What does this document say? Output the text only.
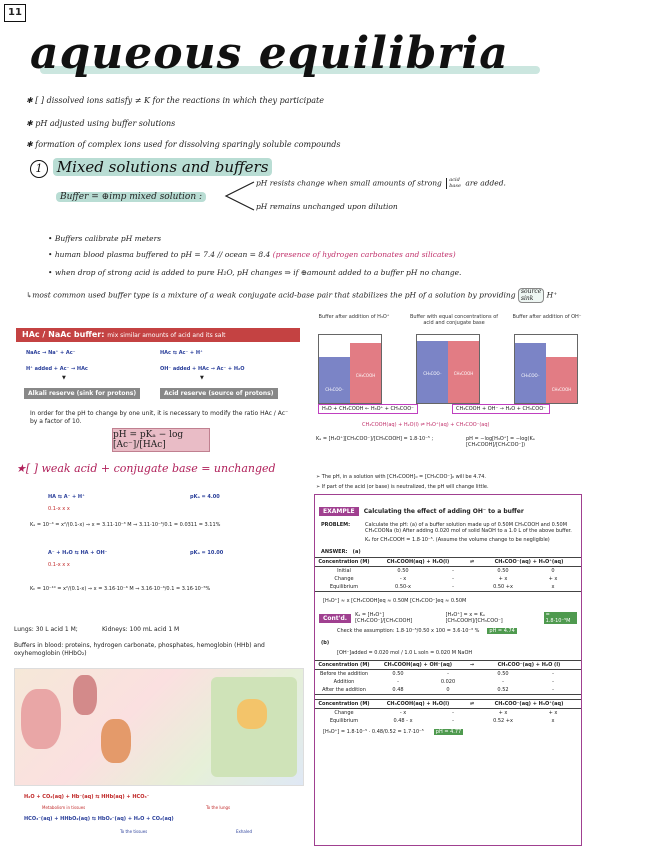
11
aqueous equilibria
✱ [ ] dissolved ions satisfy ≠ K for the reactions in which they participate
✱ pH adjusted using buffer solutions
✱ formation of complex ions used for dissolving sparingly soluble compounds
1 Mixed solutions and buffers
Buffer = ⊕imp mixed solution :
pH resists change when small amounts of strong acid
base are added.
pH remains unchanged upon dilution
• Buffers calibrate pH meters
• human blood plasma buffered to pH = 7.4 // ocean = 8.4 (presence of hydrogen carbonates and silicates)
• when drop of strong acid is added to pure H₂O, pH changes ⇒ if ⊕amount added to a buffer pH no change.
↳most common used buffer type is a mixture of a weak conjugate acid-base pair that stabilizes the pH of a solution by providing source
sink	H⁺
HAc / NaAc buffer: mix similar amounts of acid and its salt
NaAc → Na⁺ + Ac⁻	HAc ⇆ Ac⁻ + H⁺
H⁺ added + Ac⁻ → HAc	OH⁻ added + HAc → Ac⁻ + H₂O
▼	▼
Alkali reserve (sink for protons)	Acid reserve (source of protons)
In order for the pH to change by one unit, it is necessary to modify the ratio HAc / Ac⁻ by a factor of 10.
pH = pKₐ − log [Ac⁻]/[HAc]
★[ ] weak acid + conjugate base = unchanged
HA ⇆ A⁻ + H⁺	pKₐ = 4.00
0.1-x x x
Kₐ = 10⁻⁴ = x²/(0.1-x) ⇒ x = 3.11·10⁻³ M ⇒ 3.11·10⁻³/0.1 = 0.0311 = 3.11%
A⁻ + H₂O ⇆ HA + OH⁻	pKₐ = 10.00
0.1-x x x
Kₕ = 10⁻¹⁰ = x²/(0.1-x) ⇒ x = 3.16·10⁻⁶ M ⇒ 3.16·10⁻⁶/0.1 = 3.16·10⁻⁵%
Lungs: 30 L acid 1 M;	Kidneys: 100 mL acid 1 M
Buffers in blood: proteins, hydrogen carbonate, phosphates, hemoglobin (HHb) and oxyhemoglobin (HHbO₂)
H₂O + CO₂(aq) + Hb⁻(aq) ⇆ HHb(aq) + HCO₃⁻
Metabolism in tissues	To the lungs
HCO₃⁻(aq) + HHbO₂(aq) ⇆ HbO₂⁻(aq) + H₂O + CO₂(aq)
To the tissues	Exhaled
Buffer after addition of H₃O⁺	Buffer with equal concentrations of acid and conjugate base
Buffer after addition of OH⁻
CH₃COO⁻
CH₃COOH	CH₃COO⁻	CH₃COOH	CH₃COO⁻
CH₃COOH
H₃O + CH₃COOH ← H₃O⁺ + CH₃COO⁻	CH₃COOH + OH⁻ → H₂O + CH₃COO⁻
CH₃COOH(aq) + H₂O(l) ⇌ H₃O⁺(aq) + CH₃COO⁻(aq)
Kₐ = [H₃O⁺][CH₃COO⁻]/[CH₃COOH] = 1.8·10⁻⁵ ;	pH = −log[H₃O⁺] = −log(Kₐ [CH₃COOH]/[CH₃COO⁻])
➢ The pH, in a solution with [CH₃COOH]₀ = [CH₃COO⁻]₀ will be 4.74.
➢ If part of the acid (or base) is neutralized, the pH will change little.
EXAMPLE Calculating the effect of adding OH⁻ to a buffer
PROBLEM:	Calculate the pH: (a) of a buffer solution made up of 0.50M CH₃COOH and 0.50M CH₃COONa (b) After adding 0.020 mol of solid NaOH to a 1.0 L of the above buffer.
Kₐ for CH₃COOH = 1.8·10⁻⁵. (Assume the volume change to be negligible)
ANSWER: (a)
Concentration (M)	CH₃COOH(aq) + H₂O(l)	⇌	CH₃COO⁻(aq) + H₃O⁺(aq)
Initial	0.50	-	0.50	0
Change	- x	-	+ x	+ x
Equilibrium	0.50-x	-	0.50 +x	x
[H₃O⁺] ≈ x [CH₃COOH]eq ≈ 0.50M [CH₃COO⁻]eq ≈ 0.50M
Cont'd.	Kₐ = [H₃O⁺][CH₃COO⁻]/[CH₃COOH]
[H₃O⁺] = x = Kₐ [CH₃COOH]/[CH₃COO⁻]
= 1.8·10⁻⁵M
Check the assumption: 1.8·10⁻⁵/0.50 x 100 = 3.6·10⁻³ %	pH = 4.74
(b)
[OH⁻]added = 0.020 mol / 1.0 L soln = 0.020 M NaOH
Concentration (M)	CH₃COOH(aq) + OH⁻(aq)	→	CH₃COO⁻(aq) + H₂O (l)
Before the addition	0.50	-	0.50	-
Addition	-	0.020	-	-
After the addition	0.48	0	0.52	-
Concentration (M)	CH₃COOH(aq) + H₂O(l)	⇌	CH₃COO⁻(aq) + H₃O⁺(aq)
Change	- x	-	+ x	+ x
Equilibrium	0.48 - x	-	0.52 +x	x
[H₃O⁺] = 1.8·10⁻⁵ · 0.48/0.52 = 1.7·10⁻⁵	pH = 4.77
